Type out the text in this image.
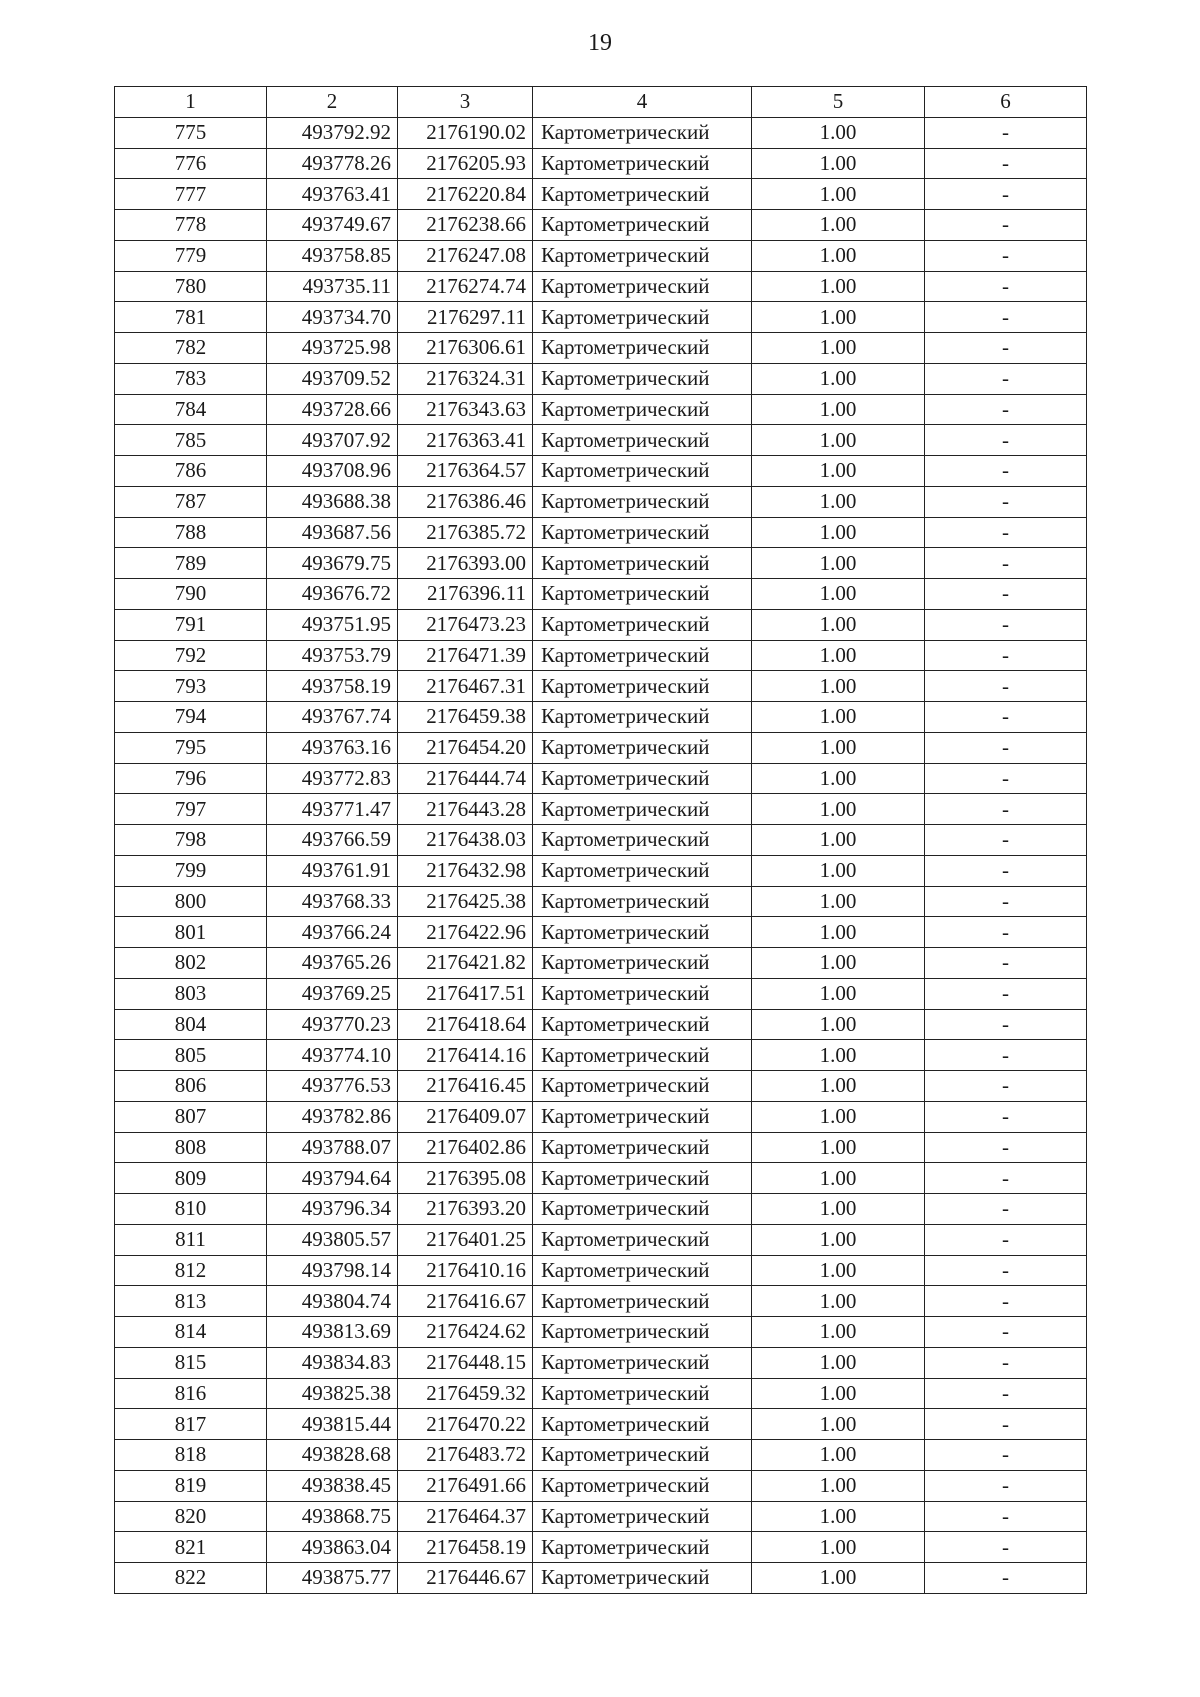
19
1	2	3	4	5	6
775	493792.92	2176190.02	Картометрический	1.00	-
776	493778.26	2176205.93	Картометрический	1.00	-
777	493763.41	2176220.84	Картометрический	1.00	-
778	493749.67	2176238.66	Картометрический	1.00	-
779	493758.85	2176247.08	Картометрический	1.00	-
780	493735.11	2176274.74	Картометрический	1.00	-
781	493734.70	2176297.11	Картометрический	1.00	-
782	493725.98	2176306.61	Картометрический	1.00	-
783	493709.52	2176324.31	Картометрический	1.00	-
784	493728.66	2176343.63	Картометрический	1.00	-
785	493707.92	2176363.41	Картометрический	1.00	-
786	493708.96	2176364.57	Картометрический	1.00	-
787	493688.38	2176386.46	Картометрический	1.00	-
788	493687.56	2176385.72	Картометрический	1.00	-
789	493679.75	2176393.00	Картометрический	1.00	-
790	493676.72	2176396.11	Картометрический	1.00	-
791	493751.95	2176473.23	Картометрический	1.00	-
792	493753.79	2176471.39	Картометрический	1.00	-
793	493758.19	2176467.31	Картометрический	1.00	-
794	493767.74	2176459.38	Картометрический	1.00	-
795	493763.16	2176454.20	Картометрический	1.00	-
796	493772.83	2176444.74	Картометрический	1.00	-
797	493771.47	2176443.28	Картометрический	1.00	-
798	493766.59	2176438.03	Картометрический	1.00	-
799	493761.91	2176432.98	Картометрический	1.00	-
800	493768.33	2176425.38	Картометрический	1.00	-
801	493766.24	2176422.96	Картометрический	1.00	-
802	493765.26	2176421.82	Картометрический	1.00	-
803	493769.25	2176417.51	Картометрический	1.00	-
804	493770.23	2176418.64	Картометрический	1.00	-
805	493774.10	2176414.16	Картометрический	1.00	-
806	493776.53	2176416.45	Картометрический	1.00	-
807	493782.86	2176409.07	Картометрический	1.00	-
808	493788.07	2176402.86	Картометрический	1.00	-
809	493794.64	2176395.08	Картометрический	1.00	-
810	493796.34	2176393.20	Картометрический	1.00	-
811	493805.57	2176401.25	Картометрический	1.00	-
812	493798.14	2176410.16	Картометрический	1.00	-
813	493804.74	2176416.67	Картометрический	1.00	-
814	493813.69	2176424.62	Картометрический	1.00	-
815	493834.83	2176448.15	Картометрический	1.00	-
816	493825.38	2176459.32	Картометрический	1.00	-
817	493815.44	2176470.22	Картометрический	1.00	-
818	493828.68	2176483.72	Картометрический	1.00	-
819	493838.45	2176491.66	Картометрический	1.00	-
820	493868.75	2176464.37	Картометрический	1.00	-
821	493863.04	2176458.19	Картометрический	1.00	-
822	493875.77	2176446.67	Картометрический	1.00	-
